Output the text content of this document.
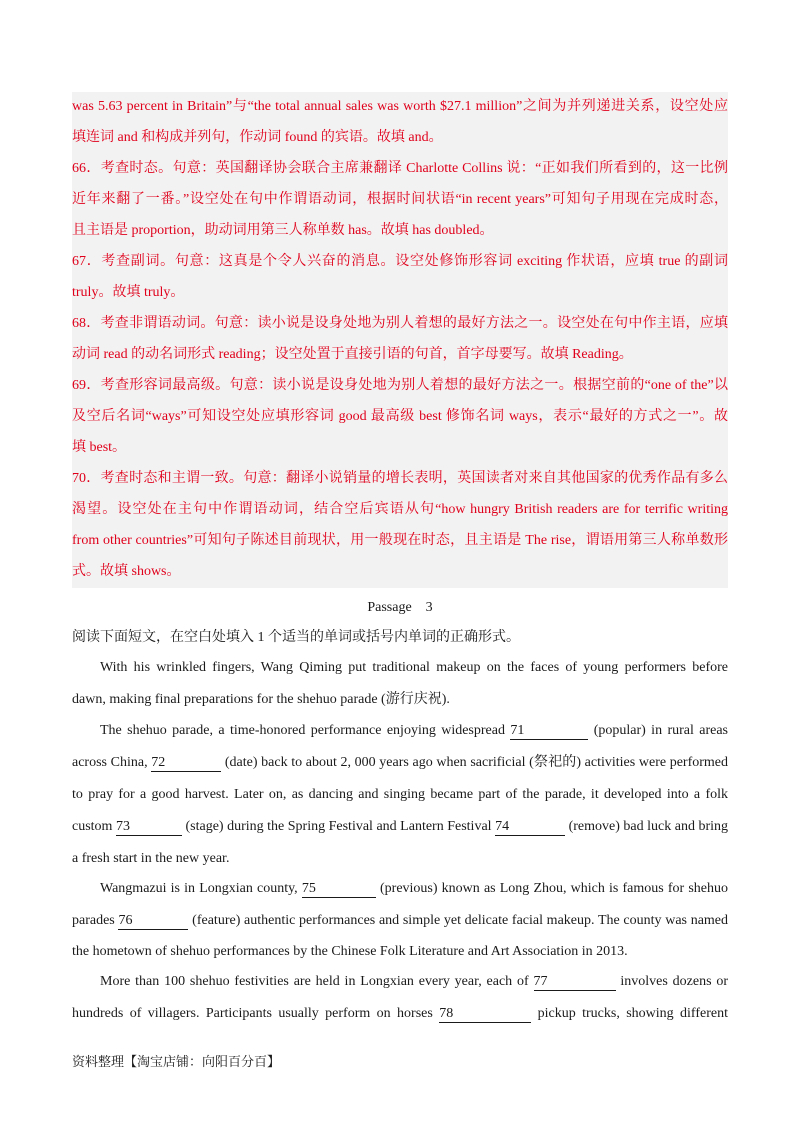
was 5.63 percent in Britain”与“the total annual sales was worth $27.1 million”之间为并列递进关系，设空处应
填连词 and 和构成并列句，作动词 found 的宾语。故填 and。
66．考查时态。句意：英国翻译协会联合主席兼翻译 Charlotte Collins 说：“正如我们所看到的，这一比例
近年来翻了一番。”设空处在句中作谓语动词，根据时间状语“in recent years”可知句子用现在完成时态，
且主语是 proportion，助动词用第三人称单数 has。故填 has doubled。
67．考查副词。句意：这真是个令人兴奋的消息。设空处修饰形容词 exciting 作状语，应填 true 的副词
truly。故填 truly。
68．考查非谓语动词。句意：读小说是设身处地为别人着想的最好方法之一。设空处在句中作主语，应填
动词 read 的动名词形式 reading；设空处置于直接引语的句首，首字母要写。故填 Reading。
69．考查形容词最高级。句意：读小说是设身处地为别人着想的最好方法之一。根据空前的“one of the”以
及空后名词“ways”可知设空处应填形容词 good 最高级 best 修饰名词 ways，表示“最好的方式之一”。故
填 best。
70．考查时态和主谓一致。句意：翻译小说销量的增长表明，英国读者对来自其他国家的优秀作品有多么
渴望。设空处在主句中作谓语动词，结合空后宾语从句“how hungry British readers are for terrific writing
from other countries”可知句子陈述目前现状，用一般现在时态，且主语是 The rise，谓语用第三人称单数形
式。故填 shows。
Passage　3
阅读下面短文，在空白处填入 1 个适当的单词或括号内单词的正确形式。
With his wrinkled fingers, Wang Qiming put traditional makeup on the faces of young performers before
dawn, making final preparations for the shehuo parade (游行庆祝).
The shehuo parade, a time-honored performance enjoying widespread 71	(popular) in rural areas
across China, 72	(date) back to about 2, 000 years ago when sacrificial (祭祀的) activities were performed
to pray for a good harvest. Later on, as dancing and singing became part of the parade, it developed into a folk
custom 73	(stage) during the Spring Festival and Lantern Festival 74	(remove) bad luck and bring
a fresh start in the new year.
Wangmazui is in Longxian county, 75	(previous) known as Long Zhou, which is famous for shehuo
parades 76	(feature) authentic performances and simple yet delicate facial makeup. The county was named
the hometown of shehuo performances by the Chinese Folk Literature and Art Association in 2013.
More than 100 shehuo festivities are held in Longxian every year, each of 77	involves dozens or
hundreds of villagers. Participants usually perform on horses 78	pickup trucks, showing different
资料整理【淘宝店铺：向阳百分百】
